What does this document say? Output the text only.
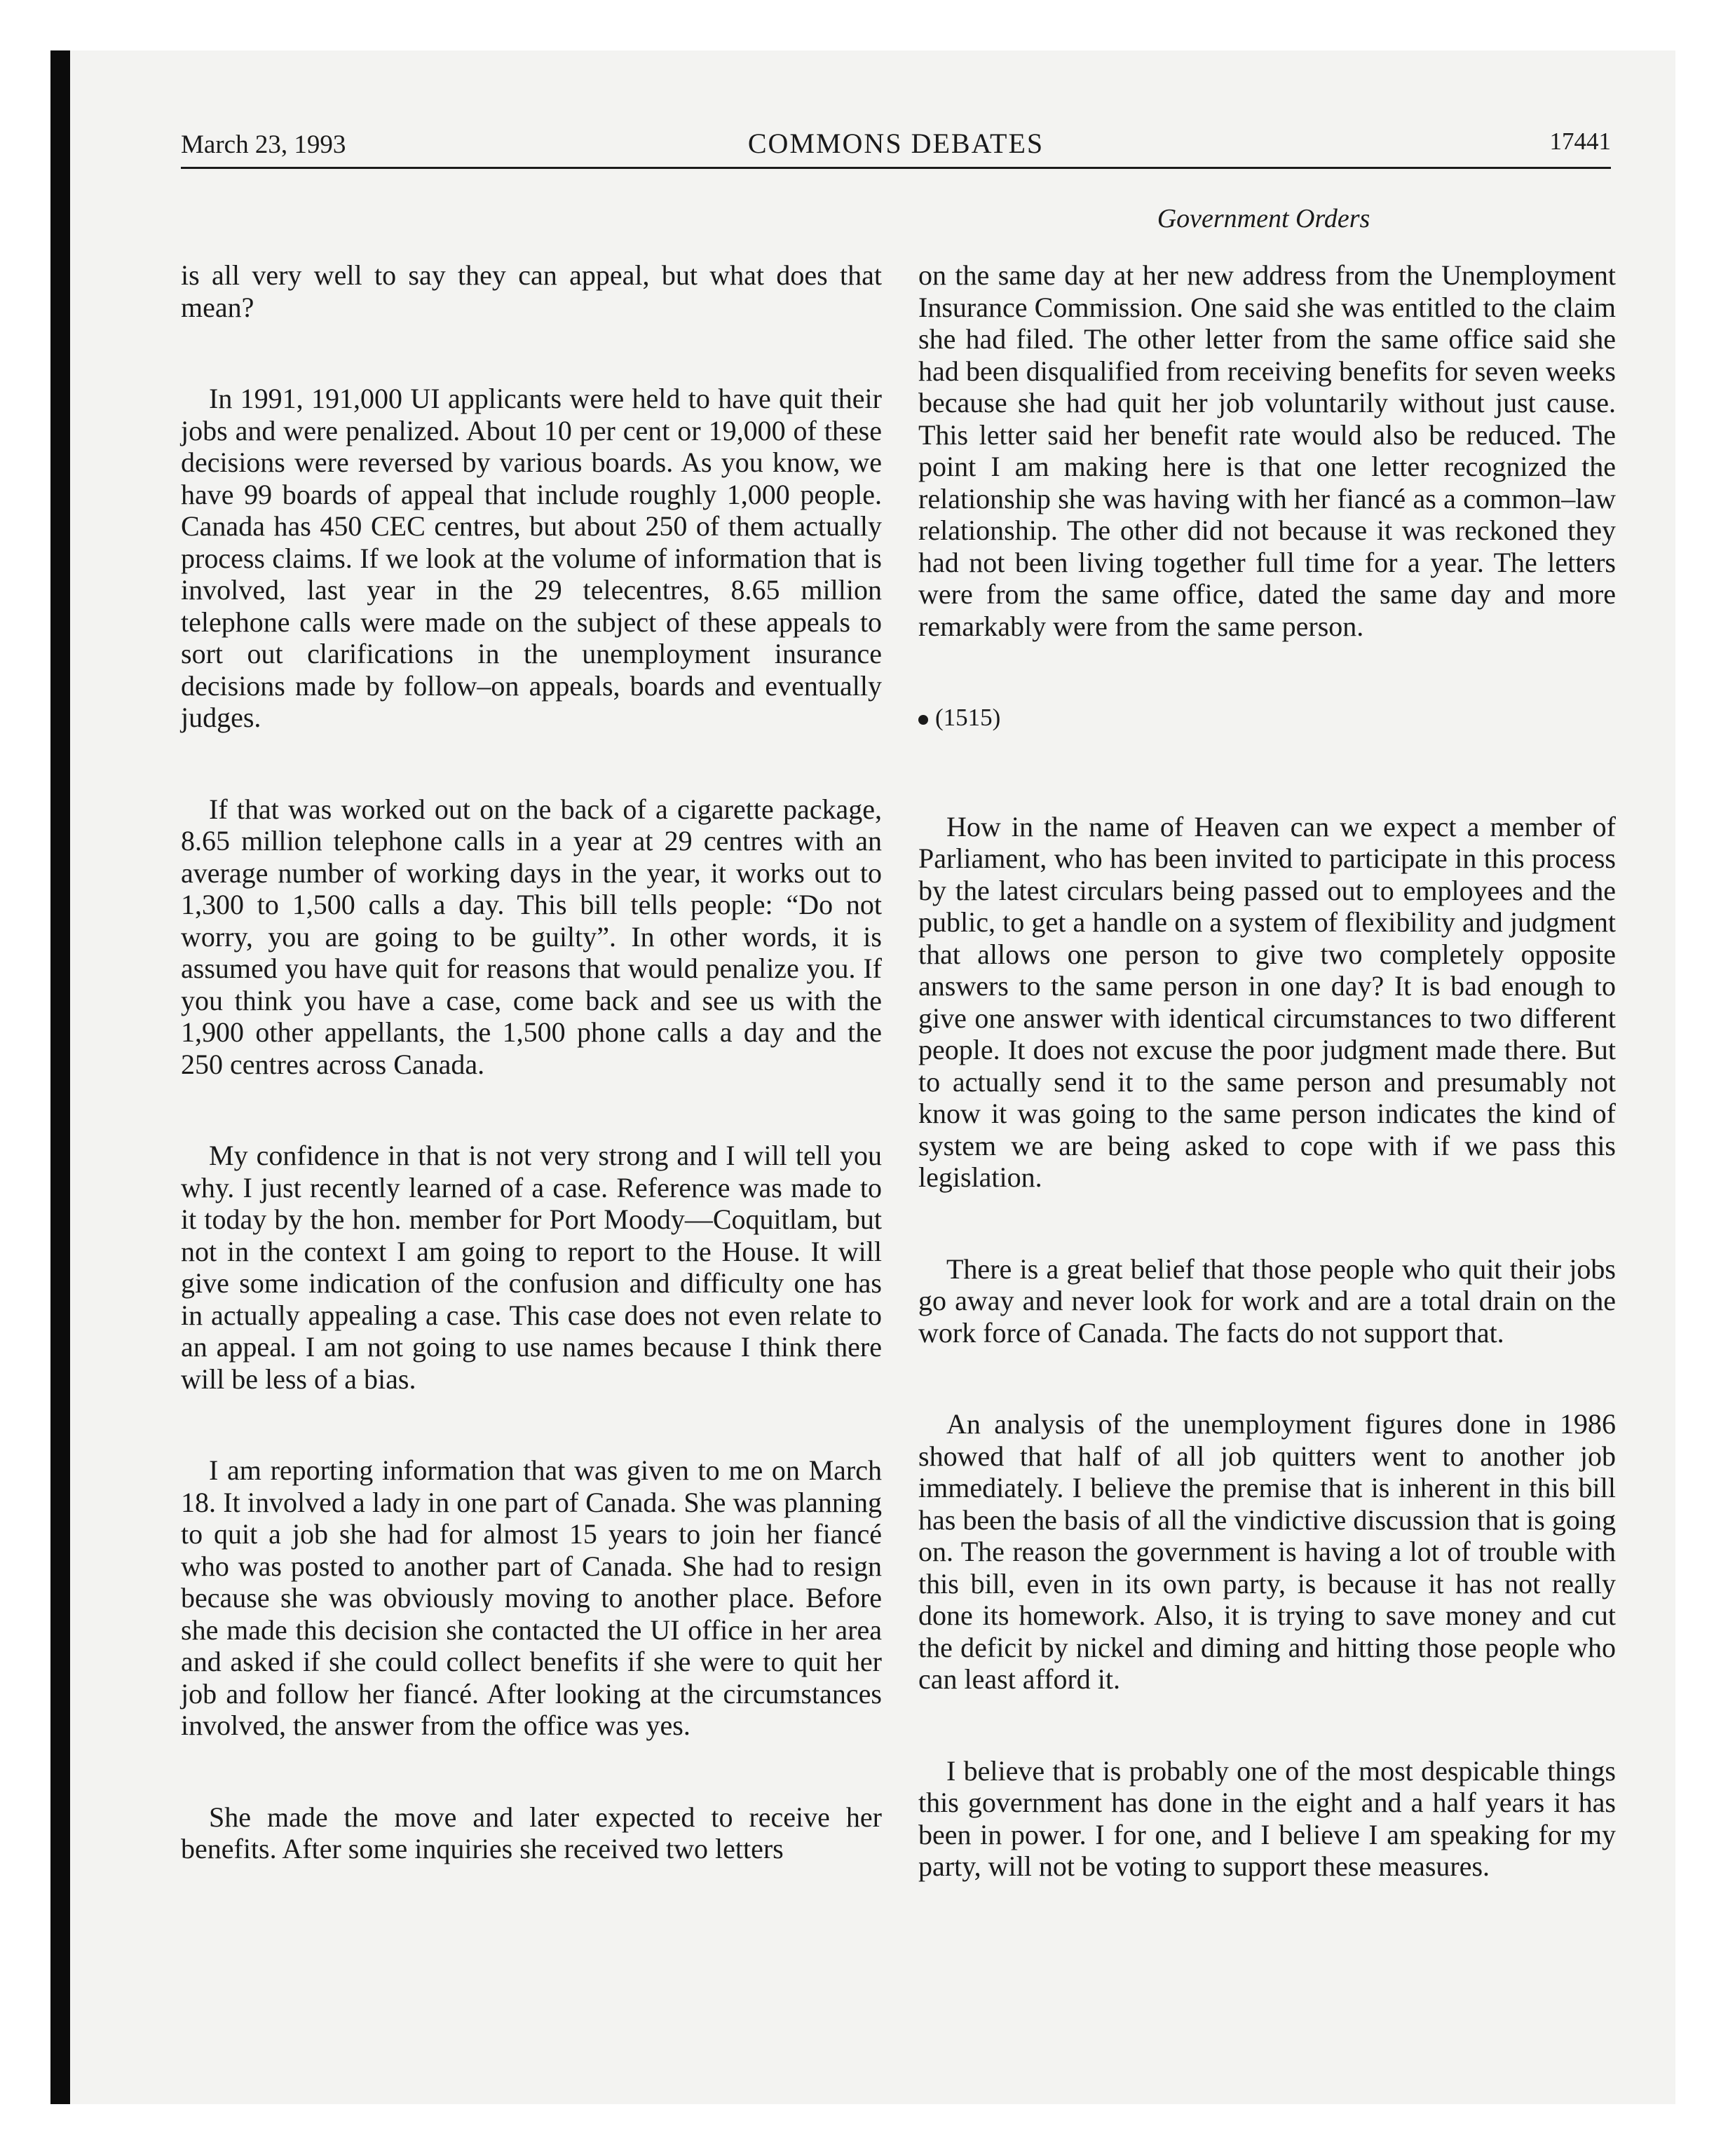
March 23, 1993	COMMONS DEBATES	17441
Government Orders

is all very well to say they can appeal, but what does that mean?

In 1991, 191,000 UI applicants were held to have quit their jobs and were penalized. About 10 per cent or 19,000 of these decisions were reversed by various boards. As you know, we have 99 boards of appeal that include roughly 1,000 people. Canada has 450 CEC centres, but about 250 of them actually process claims. If we look at the volume of information that is involved, last year in the 29 telecentres, 8.65 million telephone calls were made on the subject of these appeals to sort out clarifications in the unemployment insurance decisions made by follow–on appeals, boards and eventually judges.

If that was worked out on the back of a cigarette package, 8.65 million telephone calls in a year at 29 centres with an average number of working days in the year, it works out to 1,300 to 1,500 calls a day. This bill tells people: “Do not worry, you are going to be guilty”. In other words, it is assumed you have quit for reasons that would penalize you. If you think you have a case, come back and see us with the 1,900 other appellants, the 1,500 phone calls a day and the 250 centres across Canada.

My confidence in that is not very strong and I will tell you why. I just recently learned of a case. Reference was made to it today by the hon. member for Port Moody—Coquitlam, but not in the context I am going to report to the House. It will give some indication of the confusion and difficulty one has in actually appealing a case. This case does not even relate to an appeal. I am not going to use names because I think there will be less of a bias.

I am reporting information that was given to me on March 18. It involved a lady in one part of Canada. She was planning to quit a job she had for almost 15 years to join her fiancé who was posted to another part of Canada. She had to resign because she was obviously moving to another place. Before she made this decision she contacted the UI office in her area and asked if she could collect benefits if she were to quit her job and follow her fiancé. After looking at the circumstances involved, the answer from the office was yes.

She made the move and later expected to receive her benefits. After some inquiries she received two letters

on the same day at her new address from the Unemployment Insurance Commission. One said she was entitled to the claim she had filed. The other letter from the same office said she had been disqualified from receiving benefits for seven weeks because she had quit her job voluntarily without just cause. This letter said her benefit rate would also be reduced. The point I am making here is that one letter recognized the relationship she was having with her fiancé as a common–law relationship. The other did not because it was reckoned they had not been living together full time for a year. The letters were from the same office, dated the same day and more remarkably were from the same person.

(1515)

How in the name of Heaven can we expect a member of Parliament, who has been invited to participate in this process by the latest circulars being passed out to employees and the public, to get a handle on a system of flexibility and judgment that allows one person to give two completely opposite answers to the same person in one day? It is bad enough to give one answer with identical circumstances to two different people. It does not excuse the poor judgment made there. But to actually send it to the same person and presumably not know it was going to the same person indicates the kind of system we are being asked to cope with if we pass this legislation.

There is a great belief that those people who quit their jobs go away and never look for work and are a total drain on the work force of Canada. The facts do not support that.

An analysis of the unemployment figures done in 1986 showed that half of all job quitters went to another job immediately. I believe the premise that is inherent in this bill has been the basis of all the vindictive discussion that is going on. The reason the government is having a lot of trouble with this bill, even in its own party, is because it has not really done its homework. Also, it is trying to save money and cut the deficit by nickel and diming and hitting those people who can least afford it.

I believe that is probably one of the most despicable things this government has done in the eight and a half years it has been in power. I for one, and I believe I am speaking for my party, will not be voting to support these measures.
